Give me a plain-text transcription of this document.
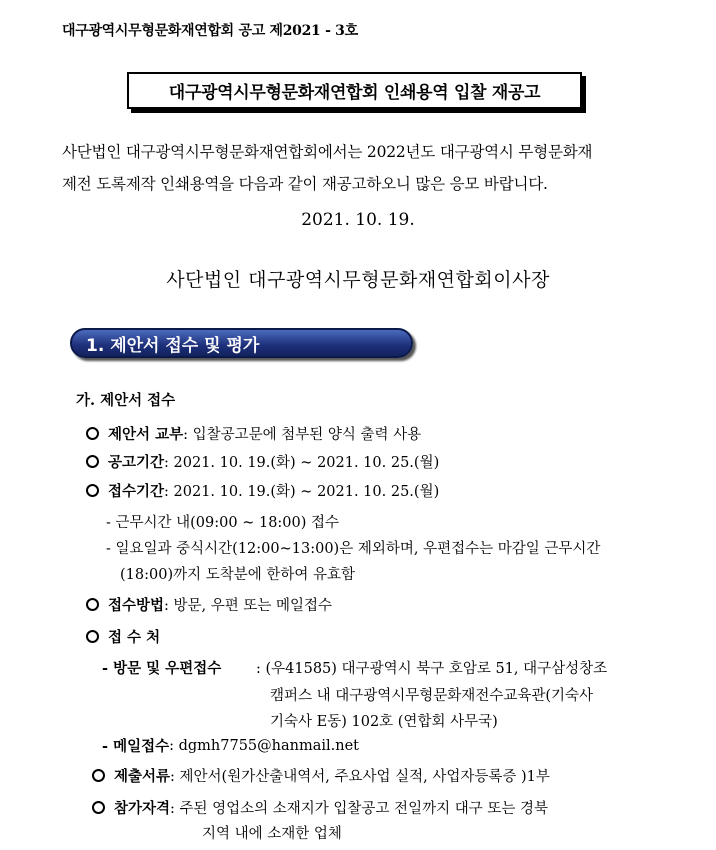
대구광역시무형문화재연합회 공고 제2021 - 3호
대구광역시무형문화재연합회 인쇄용역 입찰 재공고
사단법인 대구광역시무형문화재연합회에서는 2022년도 대구광역시 무형문화재
제전 도록제작 인쇄용역을 다음과 같이 재공고하오니 많은 응모 바랍니다.
2021. 10. 19.
사단법인 대구광역시무형문화재연합회이사장
1. 제안서 접수 및 평가
가. 제안서 접수
제안서 교부 : 입찰공고문에 첨부된 양식 출력 사용
공고기간 : 2021. 10. 19.(화) ~ 2021. 10. 25.(월)
접수기간 : 2021. 10. 19.(화) ~ 2021. 10. 25.(월)
- 근무시간 내(09:00 ~ 18:00) 접수
- 일요일과 중식시간(12:00~13:00)은 제외하며, 우편접수는 마감일 근무시간
(18:00)까지 도착분에 한하여 유효함
접수방법 : 방문, 우편 또는 메일접수
접 수 처
- 방문 및 우편접수 : (우41585) 대구광역시 북구 호암로 51, 대구삼성창조
캠퍼스 내 대구광역시무형문화재전수교육관(기숙사
기숙사 E동) 102호 (연합회 사무국)
- 메일접수 : dgmh7755@hanmail.net
제출서류 : 제안서(원가산출내역서, 주요사업 실적, 사업자등록증 )1부
참가자격 : 주된 영업소의 소재지가 입찰공고 전일까지 대구 또는 경북
지역 내에 소재한 업체
